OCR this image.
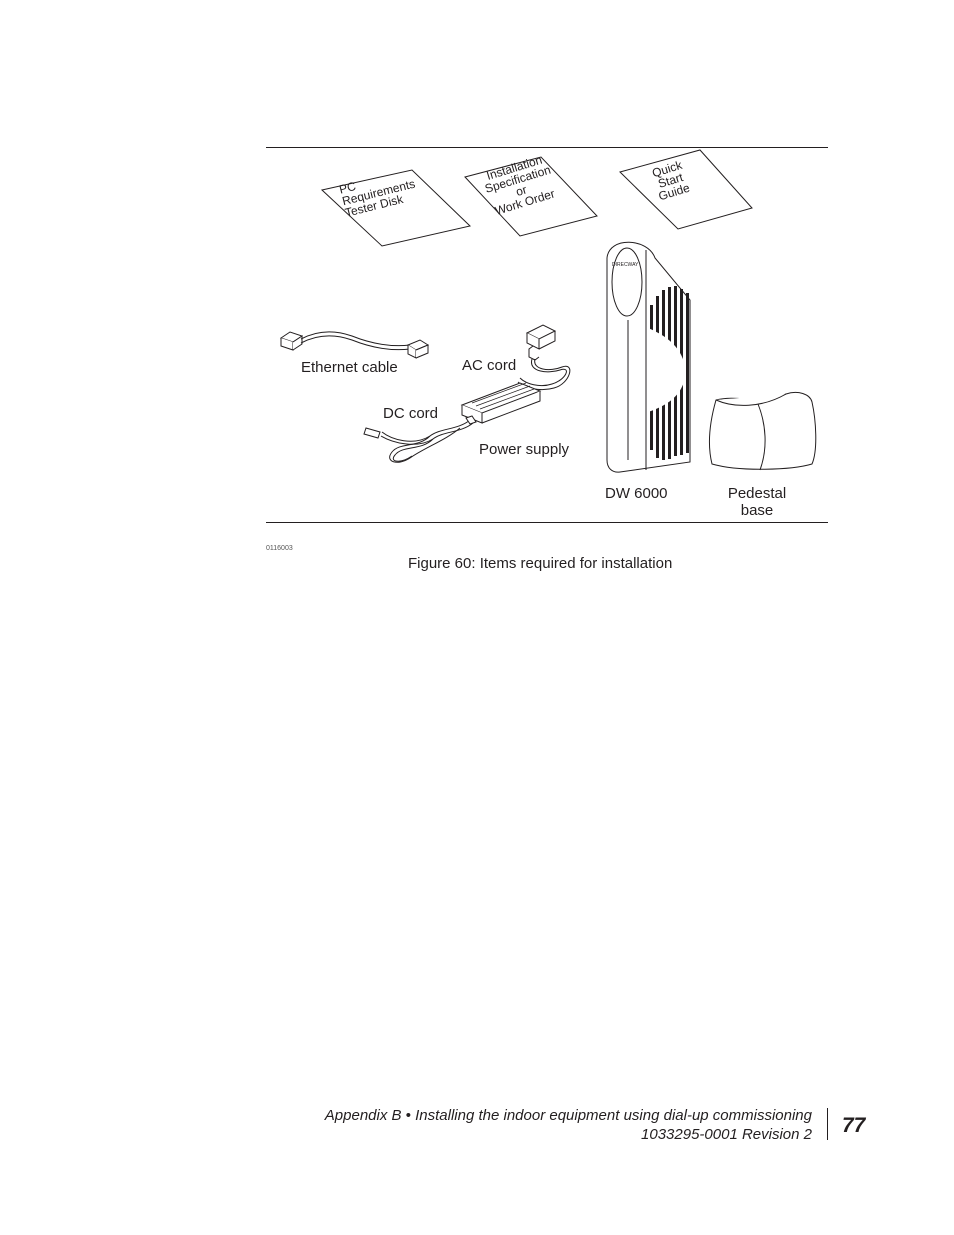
DIRECWAY
PC
Requirements
Tester Disk
Installation
Specification
or
Work Order
Quick
Start
Guide
Ethernet cable	AC cord
DC cord
Power supply
DW 6000	Pedestal
base
0116003
Figure 60: Items required for installation
Appendix B • Installing the indoor equipment using dial-up commissioning
1033295-0001 Revision 2 77
